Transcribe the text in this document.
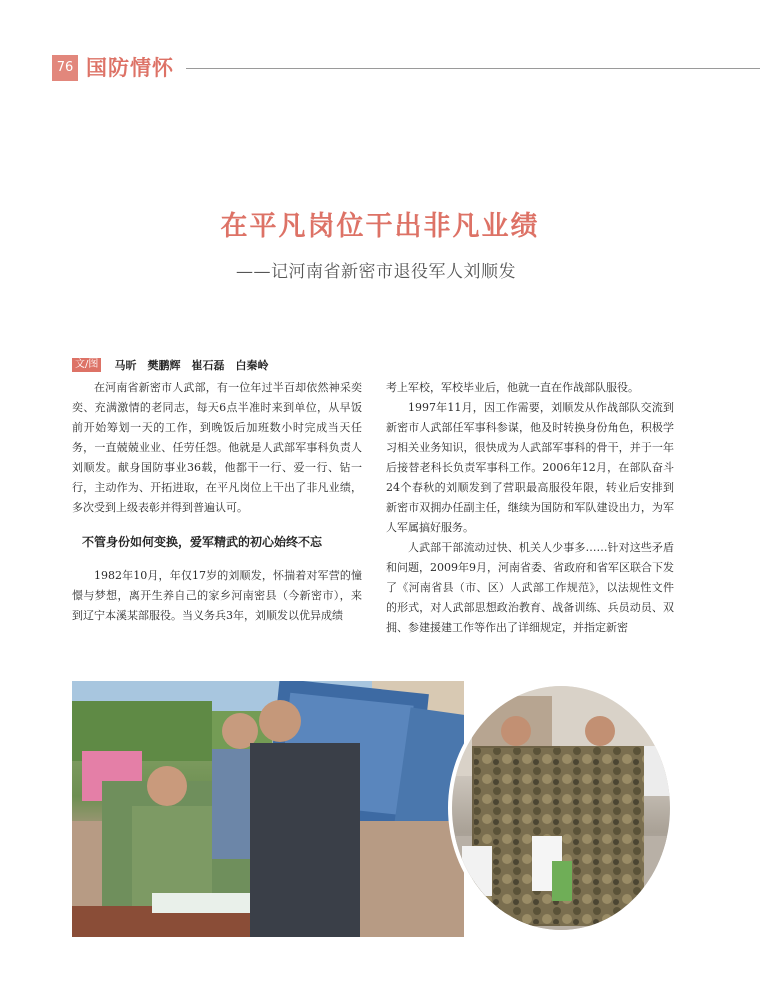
76 国防情怀
在平凡岗位干出非凡业绩
——记河南省新密市退役军人刘顺发
文/图 马昕　樊鹏辉　崔石磊　白秦岭

在河南省新密市人武部，有一位年过半百却依然神采奕奕、充满激情的老同志，每天6点半准时来到单位，从早饭前开始筹划一天的工作，到晚饭后加班数小时完成当天任务，一直兢兢业业、任劳任怨。他就是人武部军事科负责人刘顺发。献身国防事业36载，他都干一行、爱一行、钻一行，主动作为、开拓进取，在平凡岗位上干出了非凡业绩，多次受到上级表彰并得到普遍认可。

不管身份如何变换，爱军精武的初心始终不忘

1982年10月，年仅17岁的刘顺发，怀揣着对军营的憧憬与梦想，离开生养自己的家乡河南密县（今新密市），来到辽宁本溪某部服役。当义务兵3年，刘顺发以优异成绩

考上军校，军校毕业后，他就一直在作战部队服役。

1997年11月，因工作需要，刘顺发从作战部队交流到新密市人武部任军事科参谋，他及时转换身份角色，积极学习相关业务知识，很快成为人武部军事科的骨干，并于一年后接替老科长负责军事科工作。2006年12月，在部队奋斗24个春秋的刘顺发到了营职最高服役年限，转业后安排到新密市双拥办任副主任，继续为国防和军队建设出力，为军人军属搞好服务。

人武部干部流动过快、机关人少事多……针对这些矛盾和问题，2009年9月，河南省委、省政府和省军区联合下发了《河南省县（市、区）人武部工作规范》，以法规性文件的形式，对人武部思想政治教育、战备训练、兵员动员、双拥、参建援建工作等作出了详细规定，并指定新密
